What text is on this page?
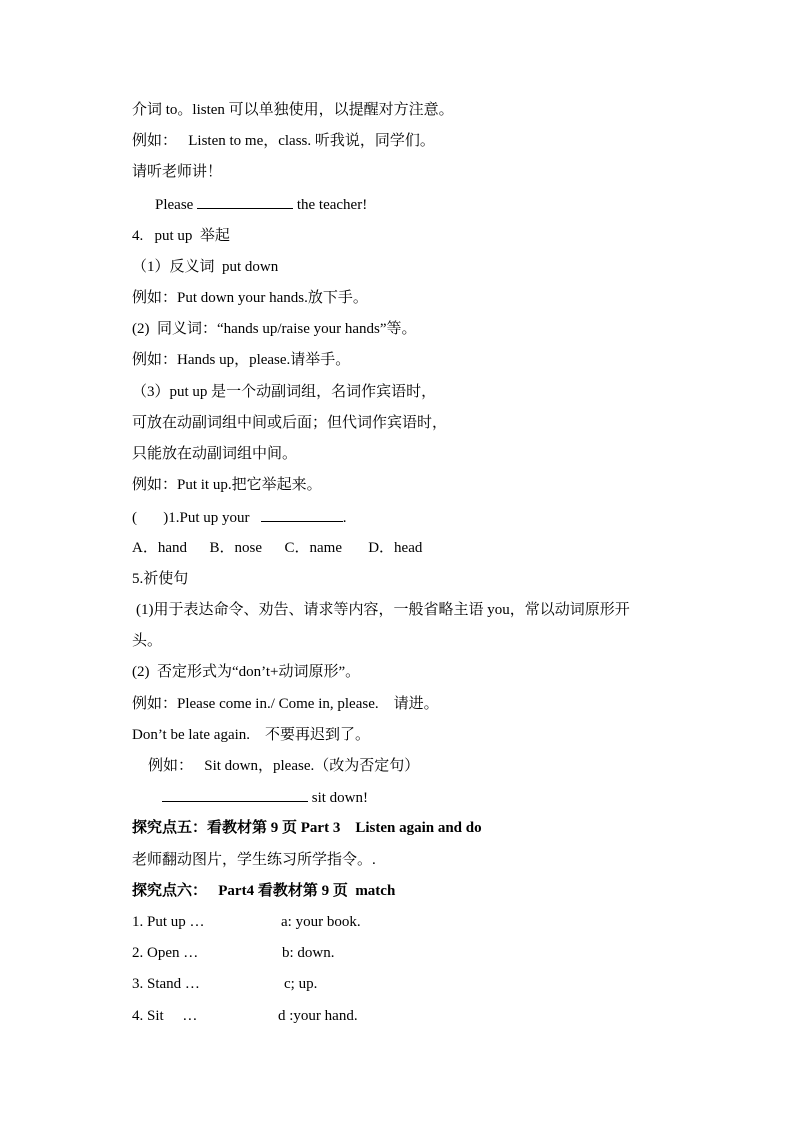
介词 to。listen 可以单独使用，以提醒对方注意。
例如：   Listen to me，class. 听我说，同学们。
请听老师讲！
Please	the teacher!
4.   put up  举起
（1）反义词  put down
例如：Put down your hands.放下手。
(2)  同义词：“hands up/raise your hands”等。
例如：Hands up，please.请举手。
（3）put up 是一个动副词组，名词作宾语时，
可放在动副词组中间或后面；但代词作宾语时，
只能放在动副词组中间。
例如：Put it up.把它举起来。
(       )1.Put up your	.
A．hand      B．nose      C．name       D．head
5.祈使句
(1)用于表达命令、劝告、请求等内容，一般省略主语 you，常以动词原形开
头。
(2)  否定形式为“don’t+动词原形”。
例如：Please come in./ Come in, please.    请进。
Don’t be late again.    不要再迟到了。
例如：   Sit down，please.（改为否定句）
sit down!
探究点五：看教材第 9 页 Part 3    Listen again and do
老师翻动图片，学生练习所学指令。.
探究点六：   Part4 看教材第 9 页  match
1. Put up …	a: your book.
2. Open …	b: down.
3. Stand …	c; up.
4. Sit     …	d :your hand.
